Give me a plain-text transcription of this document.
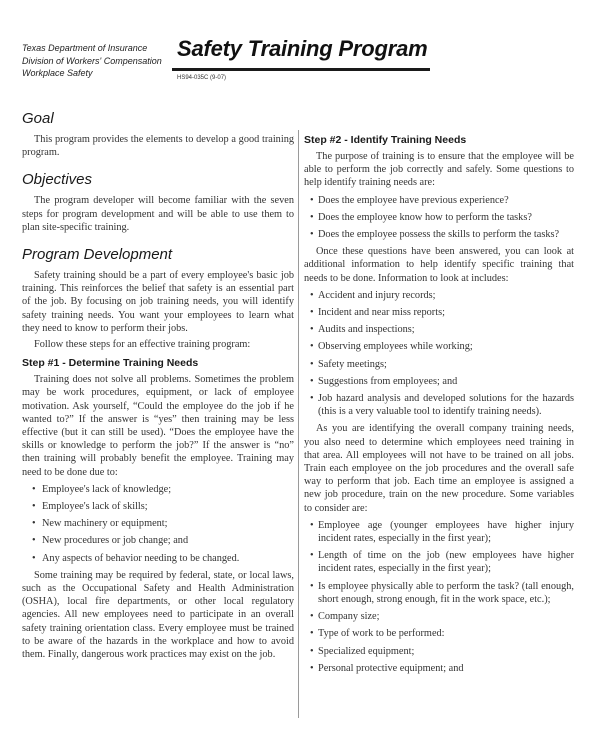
Texas Department of Insurance
Division of Workers' Compensation
Workplace Safety
Safety Training Program
HS94-035C (9-07)
Goal

This program provides the elements to develop a good training program.

Objectives

The program developer will become familiar with the seven steps for program development and will be able to use them to plan site-specific training.

Program Development

Safety training should be a part of every employee's basic job training. This reinforces the belief that safety is an essential part of the job. By focusing on job training needs, you will identify safety training needs. You want your employees to learn what they need to know to perform their jobs.

Follow these steps for an effective training program:

Step #1 - Determine Training Needs

Training does not solve all problems. Sometimes the problem may be work procedures, equipment, or lack of employee motivation. Ask yourself, “Could the employee do the job if he wanted to?” If the answer is “yes” then training may be less effective (but it can still be used). “Does the employee have the skills or knowledge to perform the job?” If the answer is “no” then training will probably benefit the employee. Training may need to be done due to:

• Employee's lack of knowledge;
• Employee's lack of skills;
• New machinery or equipment;
• New procedures or job change; and
• Any aspects of behavior needing to be changed.

Some training may be required by federal, state, or local laws, such as the Occupational Safety and Health Administration (OSHA), local fire departments, or other local regulatory agencies. All new employees need to participate in an overall safety training orientation class. Every employee must be trained to be aware of the hazards in the workplace and how to avoid them. Finally, dangerous work practices may exist on the job.

Step #2 - Identify Training Needs

The purpose of training is to ensure that the employee will be able to perform the job correctly and safely. Some questions to help identify training needs are:

• Does the employee have previous experience?
• Does the employee know how to perform the tasks?
• Does the employee possess the skills to perform the tasks?

Once these questions have been answered, you can look at additional information to help identify specific training that needs to be done. Information to look at includes:

• Accident and injury records;
• Incident and near miss reports;
• Audits and inspections;
• Observing employees while working;
• Safety meetings;
• Suggestions from employees; and
• Job hazard analysis and developed solutions for the hazards (this is a very valuable tool to identify training needs).

As you are identifying the overall company training needs, you also need to determine which employees need training in that area. All employees will not have to be trained on all jobs. Train each employee on the job procedures and the overall safe way to perform that job. Each time an employee is assigned a new job procedure, train on the new procedure. Some variables to consider are:

• Employee age (younger employees have higher injury incident rates, especially in the first year);
• Length of time on the job (new employees have higher incident rates, especially in the first year);
• Is employee physically able to perform the task? (tall enough, short enough, strong enough, fit in the work space, etc.);
• Company size;
• Type of work to be performed:
• Specialized equipment;
• Personal protective equipment; and
